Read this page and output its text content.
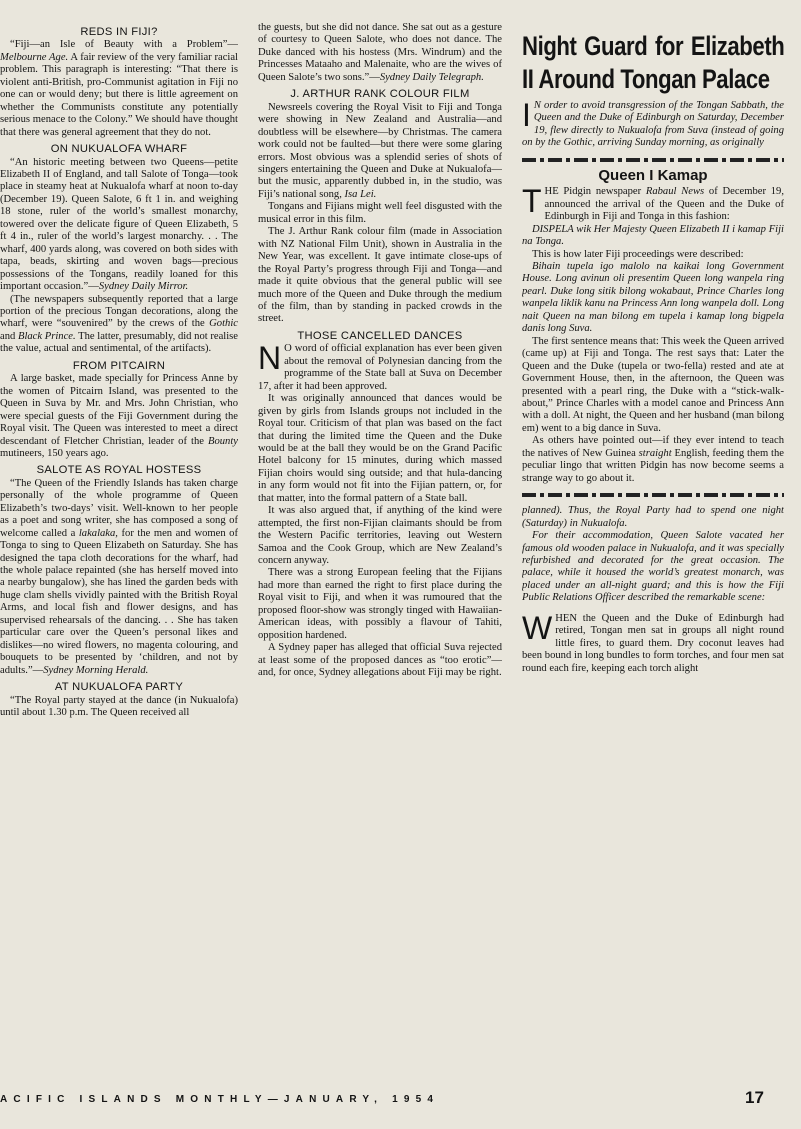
REDS IN FIJI?

“Fiji—an Isle of Beauty with a Problem”—Melbourne Age. A fair review of the very familiar racial problem. This paragraph is interesting: “That there is violent anti-British, pro-Communist agitation in Fiji no one can or would deny; but there is little agreement on whether the Communists constitute any potentially serious menace to the Colony.” We should have thought that there was general agreement that they do not.

ON NUKUALOFA WHARF

“An historic meeting between two Queens—petite Elizabeth II of England, and tall Salote of Tonga—took place in steamy heat at Nukualofa wharf at noon to-day (December 19). Queen Salote, 6 ft 1 in. and weighing 18 stone, ruler of the world’s smallest monarchy, towered over the delicate figure of Queen Elizabeth, 5 ft 4 in., ruler of the world’s largest monarchy. . . The wharf, 400 yards along, was covered on both sides with tapa, beads, skirting and woven bags—precious possessions of the Tongans, readily loaned for this important occasion.”—Sydney Daily Mirror.

(The newspapers subsequently reported that a large portion of the precious Tongan decorations, along the wharf, were “souvenired” by the crews of the Gothic and Black Prince. The latter, presumably, did not realise the value, actual and sentimental, of the artifacts).

FROM PITCAIRN

A large basket, made specially for Princess Anne by the women of Pitcairn Island, was presented to the Queen in Suva by Mr. and Mrs. John Christian, who were special guests of the Fiji Government during the Royal visit. The Queen was interested to meet a direct descendant of Fletcher Christian, leader of the Bounty mutineers, 150 years ago.

SALOTE AS ROYAL HOSTESS

“The Queen of the Friendly Islands has taken charge personally of the whole programme of Queen Elizabeth’s two-days’ visit. Well-known to her people as a poet and song writer, she has composed a song of welcome called a lakalaka, for the men and women of Tonga to sing to Queen Elizabeth on Saturday. She has designed the tapa cloth decorations for the wharf, had the whole palace repainted (she has herself moved into a nearby bungalow), she has lined the garden beds with huge clam shells vividly painted with the British Royal Arms, and local fish and flower designs, and has supervised rehearsals of the dancing. . . She has taken particular care over the Queen’s personal likes and dislikes—no wired flowers, no magenta colouring, and bouquets to be presented by ‘children, and not by adults.”—Sydney Morning Herald.

AT NUKUALOFA PARTY

“The Royal party stayed at the dance (in Nukualofa) until about 1.30 p.m. The Queen received all

the guests, but she did not dance. She sat out as a gesture of courtesy to Queen Salote, who does not dance. The Duke danced with his hostess (Mrs. Windrum) and the Princesses Mataaho and Malenaite, who are the wives of Queen Salote’s two sons.”—Sydney Daily Telegraph.

J. ARTHUR RANK COLOUR FILM

Newsreels covering the Royal Visit to Fiji and Tonga were showing in New Zealand and Australia—and doubtless will be elsewhere—by Christmas. The camera work could not be faulted—but there were some glaring errors. Most obvious was a splendid series of shots of singers entertaining the Queen and Duke at Nukualofa—but the music, apparently dubbed in, in the studio, was Fiji’s national song, Isa Lei.

Tongans and Fijians might well feel disgusted with the musical error in this film.

The J. Arthur Rank colour film (made in Association with NZ National Film Unit), shown in Australia in the New Year, was excellent. It gave intimate close-ups of the Royal Party’s progress through Fiji and Tonga—and made it quite obvious that the general public will see much more of the Queen and Duke through the medium of the film, than by standing in packed crowds in the street.

THOSE CANCELLED DANCES

N O word of official explanation has ever been given about the removal of Polynesian dancing from the programme of the State ball at Suva on December 17, after it had been approved.

It was originally announced that dances would be given by girls from Islands groups not included in the Royal tour. Criticism of that plan was based on the fact that during the limited time the Queen and the Duke would be at the ball they would be on the Grand Pacific Hotel balcony for 15 minutes, during which massed Fijian choirs would sing outside; and that hula-dancing in any form would not fit into the Fijian pattern, or, for that matter, into the formal pattern of a State ball.

It was also argued that, if anything of the kind were attempted, the first non-Fijian claimants should be from the Western Pacific territories, leaving out Western Samoa and the Cook Group, which are New Zealand’s concern anyway.

There was a strong European feeling that the Fijians had more than earned the right to first place during the Royal visit to Fiji, and when it was rumoured that the proposed floor-show was strongly tinged with Hawaiian-American ideas, with possibly a flavour of Tahiti, opposition hardened.

A Sydney paper has alleged that official Suva rejected at least some of the proposed dances as “too erotic”—and, for once, Sydney allegations about Fiji may be right.

Night Guard for Elizabeth II Around Tongan Palace

I N order to avoid transgression of the Tongan Sabbath, the Queen and the Duke of Edinburgh on Saturday, December 19, flew directly to Nukualofa from Suva (instead of going on by the Gothic, arriving Sunday morning, as originally

Queen I Kamap

THE Pidgin newspaper Rabaul News of December 19, announced the arrival of the Queen and the Duke of Edinburgh in Fiji and Tonga in this fashion:

DISPELA wik Her Majesty Queen Elizabeth II i kamap Fiji na Tonga.

This is how later Fiji proceedings were described:

Bihain tupela igo malolo na kaikai long Government House. Long avinun oli presentim Queen long wanpela ring pearl. Duke long sitik bilong wokabaut, Prince Charles long wanpela liklik kanu na Princess Ann long wanpela doll. Long nait Queen na man bilong em tupela i kamap long bigpela danis long Suva.

The first sentence means that: This week the Queen arrived (came up) at Fiji and Tonga. The rest says that: Later the Queen and the Duke (tupela or two-fella) rested and ate at Government House, then, in the afternoon, the Queen was presented with a pearl ring, the Duke with a “stick-walk-about,” Prince Charles with a model canoe and Princess Ann with a doll. At night, the Queen and her husband (man bilong em) went to a big dance in Suva.

As others have pointed out—if they ever intend to teach the natives of New Guinea straight English, feeding them the peculiar lingo that written Pidgin has now become seems a strange way to go about it.

planned). Thus, the Royal Party had to spend one night (Saturday) in Nukualofa.

For their accommodation, Queen Salote vacated her famous old wooden palace in Nukualofa, and it was specially refurbished and decorated for the great occasion. The palace, while it housed the world’s greatest monarch, was placed under an all-night guard; and this is how the Fiji Public Relations Officer described the remarkable scene:

WHEN the Queen and the Duke of Edinburgh had retired, Tongan men sat in groups all night round little fires, to guard them. Dry coconut leaves had been bound in long bundles to form torches, and four men sat round each fire, keeping each torch alight

ACIFIC ISLANDS MONTHLY—JANUARY, 1954	17
